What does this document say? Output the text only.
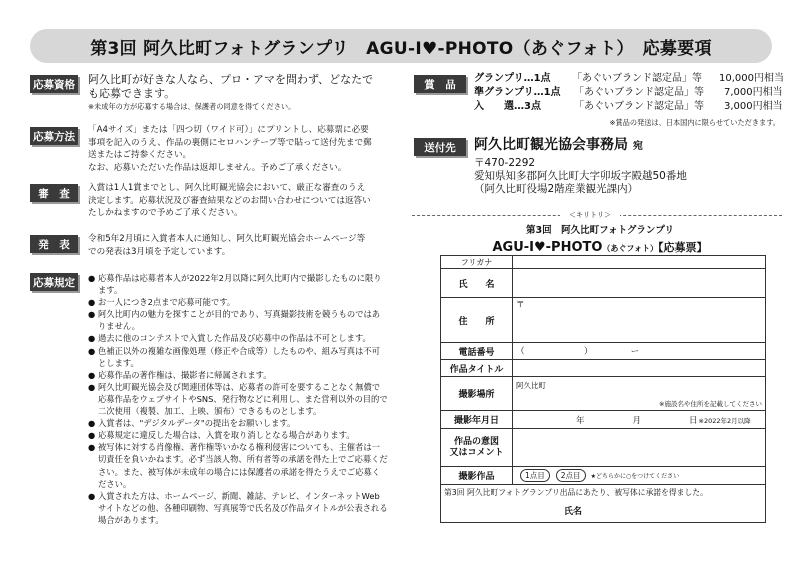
第3回 阿久比町フォトグランプリ　AGU-I♥-PHOTO（あぐフォト）　応募要項
応募資格 阿久比町が好きな人なら、プロ・アマを問わず、どなたでも応募できます。
※未成年の方が応募する場合は、保護者の同意を得てください。
応募方法
「A4サイズ」または「四つ切（ワイド可）」にプリントし、応募票に必要
事項を記入のうえ、作品の裏側にセロハンテープ等で貼って送付先まで郵
送またはご持参ください。
なお、応募いただいた作品は返却しません。予めご了承ください。
審　査	入賞は1人1賞までとし、阿久比町観光協会において、厳正な審査のうえ
決定します。応募状況及び審査結果などのお問い合わせについては返答い
たしかねますので予めご了承ください。
発　表	令和5年2月頃に入賞者本人に通知し、阿久比町観光協会ホームページ等
での発表は3月頃を予定しています。
応募規定	● 応募作品は応募者本人が2022年2月以降に阿久比町内で撮影したものに限ります。
● お一人につき2点まで応募可能です。
● 阿久比町内の魅力を探すことが目的であり、写真撮影技術を競うものではありません。
● 過去に他のコンテストで入賞した作品及び応募中の作品は不可とします。
● 色補正以外の複雑な画像処理（修正や合成等）したものや、組み写真は不可とします。
● 応募作品の著作権は、撮影者に帰属されます。
● 阿久比町観光協会及び関連団体等は、応募者の許可を要することなく無償で応募作品をウェブサイトやSNS、発行物などに利用し、また営利以外の目的で二次使用（複製、加工、上映、頒布）できるものとします。
● 入賞者は、"デジタルデータ"の提出をお願いします。
● 応募規定に違反した場合は、入賞を取り消しとなる場合があります。
● 被写体に対する肖像権、著作権等いかなる権利侵害についても、主催者は一切責任を負いかねます。必ず当該人物、所有者等の承諾を得た上でご応募ください。また、被写体が未成年の場合には保護者の承諾を得たうえでご応募ください。
● 入賞された方は、ホームページ、新聞、雑誌、テレビ、インターネットWebサイトなどの他、各種印刷物、写真展等で氏名及び作品タイトルが公表される場合があります。
賞　品	グランプリ…1点	「あぐいブランド認定品」等	10,000円相当
準グランプリ…1点	「あぐいブランド認定品」等	7,000円相当
入　　選…3点	「あぐいブランド認定品」等	3,000円相当
※賞品の発送は、日本国内に限らせていただきます。
送付先	阿久比町観光協会事務局 宛
〒470-2292
愛知県知多郡阿久比町大字卯坂字殿越50番地
（阿久比町役場2階産業観光課内）
＜キリトリ＞
第3回　阿久比町フォトグランプリ
AGU-I♥-PHOTO（あぐフォト）【応募票】
フリガナ	
氏　　名	
住　　所	〒
電話番号	（　　　　　　　）　　　　　ー
作品タイトル	
撮影場所	阿久比町
※施設名や住所を記載してください

撮影年月日	年 月 日 ※2022年2月以降

作品の意図
又はコメント	
撮影作品	1点目 2点目 ★どちらかに○をつけてください

第3回 阿久比町フォトグランプリ出品にあたり、被写体に承諾を得ました。
氏名	
